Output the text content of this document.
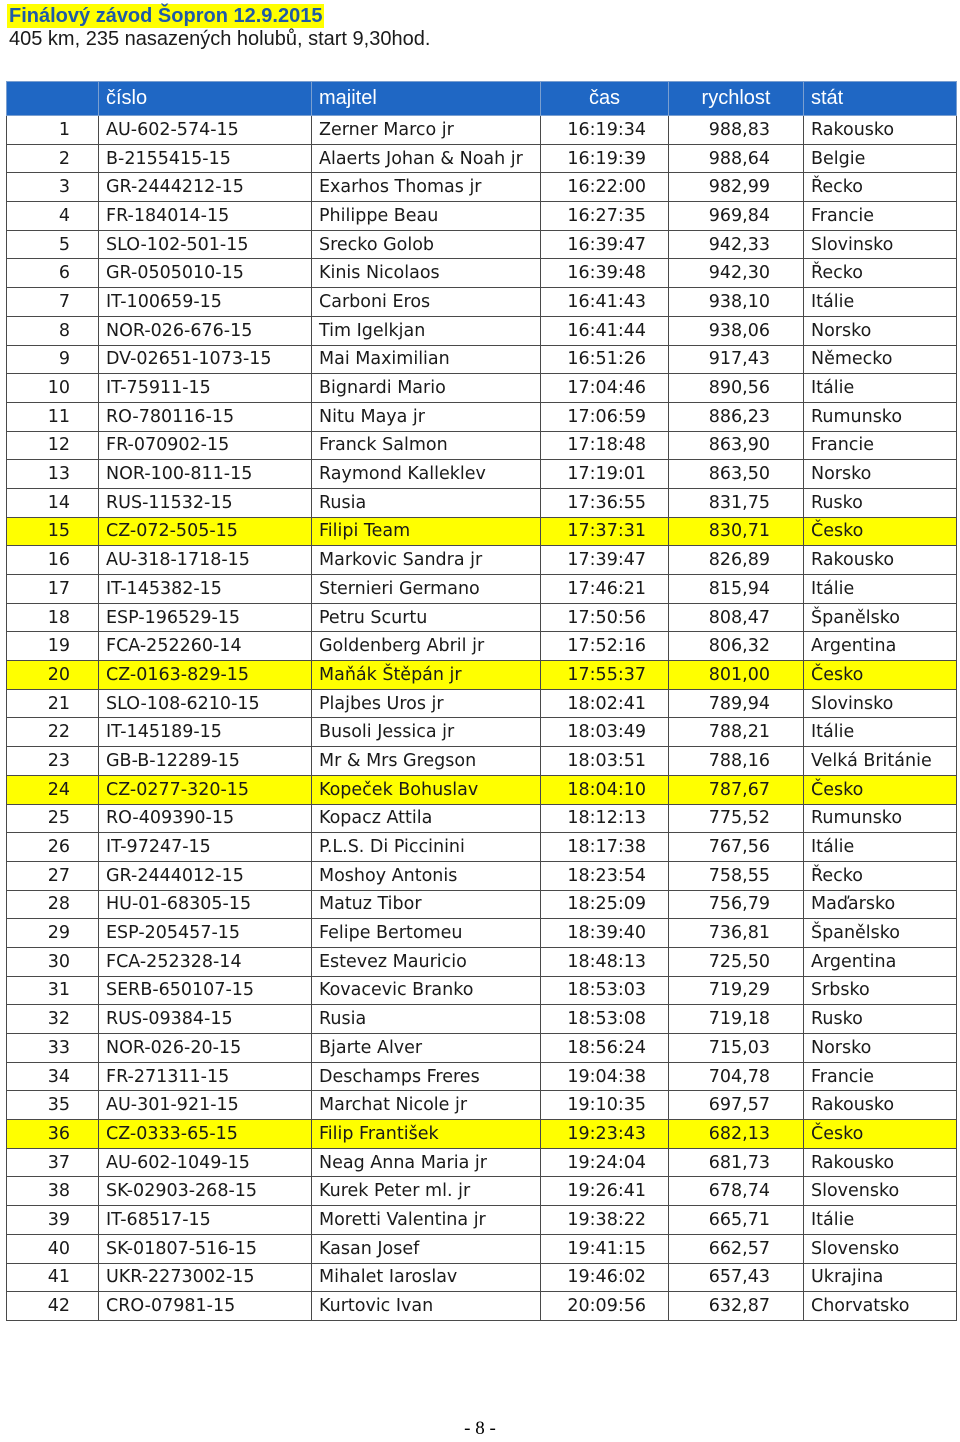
Finálový závod Šopron 12.9.2015
405 km, 235 nasazených holubů, start 9,30hod.
	číslo	majitel	čas	rychlost	stát
1	AU-602-574-15	Zerner Marco jr	16:19:34	988,83	Rakousko
2	B-2155415-15	Alaerts Johan & Noah jr	16:19:39	988,64	Belgie
3	GR-2444212-15	Exarhos Thomas jr	16:22:00	982,99	Řecko
4	FR-184014-15	Philippe Beau	16:27:35	969,84	Francie
5	SLO-102-501-15	Srecko Golob	16:39:47	942,33	Slovinsko
6	GR-0505010-15	Kinis Nicolaos	16:39:48	942,30	Řecko
7	IT-100659-15	Carboni Eros	16:41:43	938,10	Itálie
8	NOR-026-676-15	Tim Igelkjan	16:41:44	938,06	Norsko
9	DV-02651-1073-15	Mai Maximilian	16:51:26	917,43	Německo
10	IT-75911-15	Bignardi Mario	17:04:46	890,56	Itálie
11	RO-780116-15	Nitu Maya jr	17:06:59	886,23	Rumunsko
12	FR-070902-15	Franck Salmon	17:18:48	863,90	Francie
13	NOR-100-811-15	Raymond Kalleklev	17:19:01	863,50	Norsko
14	RUS-11532-15	Rusia	17:36:55	831,75	Rusko
15	CZ-072-505-15	Filipi Team	17:37:31	830,71	Česko
16	AU-318-1718-15	Markovic Sandra jr	17:39:47	826,89	Rakousko
17	IT-145382-15	Sternieri Germano	17:46:21	815,94	Itálie
18	ESP-196529-15	Petru Scurtu	17:50:56	808,47	Španělsko
19	FCA-252260-14	Goldenberg Abril jr	17:52:16	806,32	Argentina
20	CZ-0163-829-15	Maňák Štěpán jr	17:55:37	801,00	Česko
21	SLO-108-6210-15	Plajbes Uros jr	18:02:41	789,94	Slovinsko
22	IT-145189-15	Busoli Jessica jr	18:03:49	788,21	Itálie
23	GB-B-12289-15	Mr & Mrs Gregson	18:03:51	788,16	Velká Británie
24	CZ-0277-320-15	Kopeček Bohuslav	18:04:10	787,67	Česko
25	RO-409390-15	Kopacz Attila	18:12:13	775,52	Rumunsko
26	IT-97247-15	P.L.S. Di Piccinini	18:17:38	767,56	Itálie
27	GR-2444012-15	Moshoy Antonis	18:23:54	758,55	Řecko
28	HU-01-68305-15	Matuz Tibor	18:25:09	756,79	Maďarsko
29	ESP-205457-15	Felipe Bertomeu	18:39:40	736,81	Španělsko
30	FCA-252328-14	Estevez Mauricio	18:48:13	725,50	Argentina
31	SERB-650107-15	Kovacevic Branko	18:53:03	719,29	Srbsko
32	RUS-09384-15	Rusia	18:53:08	719,18	Rusko
33	NOR-026-20-15	Bjarte Alver	18:56:24	715,03	Norsko
34	FR-271311-15	Deschamps Freres	19:04:38	704,78	Francie
35	AU-301-921-15	Marchat Nicole jr	19:10:35	697,57	Rakousko
36	CZ-0333-65-15	Filip František	19:23:43	682,13	Česko
37	AU-602-1049-15	Neag Anna Maria jr	19:24:04	681,73	Rakousko
38	SK-02903-268-15	Kurek Peter ml. jr	19:26:41	678,74	Slovensko
39	IT-68517-15	Moretti Valentina jr	19:38:22	665,71	Itálie
40	SK-01807-516-15	Kasan Josef	19:41:15	662,57	Slovensko
41	UKR-2273002-15	Mihalet Iaroslav	19:46:02	657,43	Ukrajina
42	CRO-07981-15	Kurtovic Ivan	20:09:56	632,87	Chorvatsko
- 8 -
